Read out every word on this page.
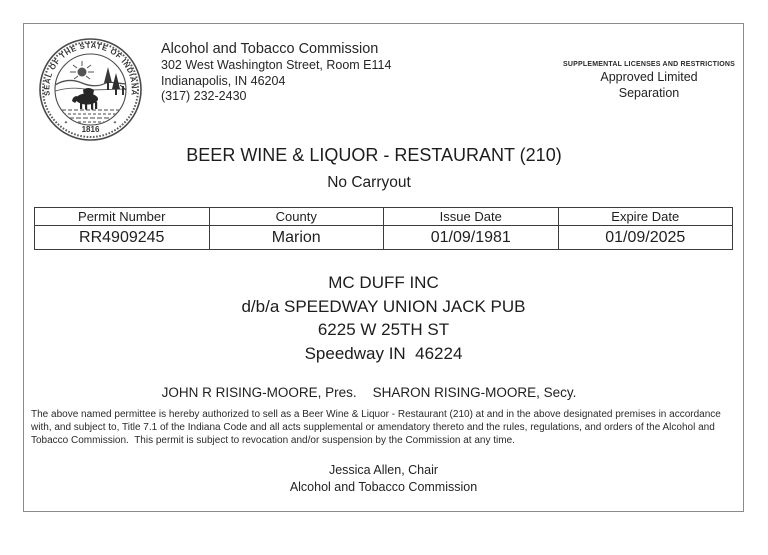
SEAL OF THE STATE OF INDIANA
1816
✦	✦
Alcohol and Tobacco Commission
302 West Washington Street, Room E114
Indianapolis, IN 46204
(317) 232-2430
SUPPLEMENTAL LICENSES AND RESTRICTIONS
Approved Limited
Separation
BEER WINE & LIQUOR - RESTAURANT (210)
No Carryout
Permit Number	County	Issue Date	Expire Date
RR4909245	Marion	01/09/1981	01/09/2025
MC DUFF INC
d/b/a SPEEDWAY UNION JACK PUB
6225 W 25TH ST
Speedway IN  46224
JOHN R RISING-MOORE, Pres. SHARON RISING-MOORE, Secy.
The above named permittee is hereby authorized to sell as a Beer Wine & Liquor - Restaurant (210) at and in the above designated premises in accordance with, and subject to, Title 7.1 of the Indiana Code and all acts supplemental or amendatory thereto and the rules, regulations, and orders of the Alcohol and Tobacco Commission.  This permit is subject to revocation and/or suspension by the Commission at any time.
Jessica Allen, Chair
Alcohol and Tobacco Commission
